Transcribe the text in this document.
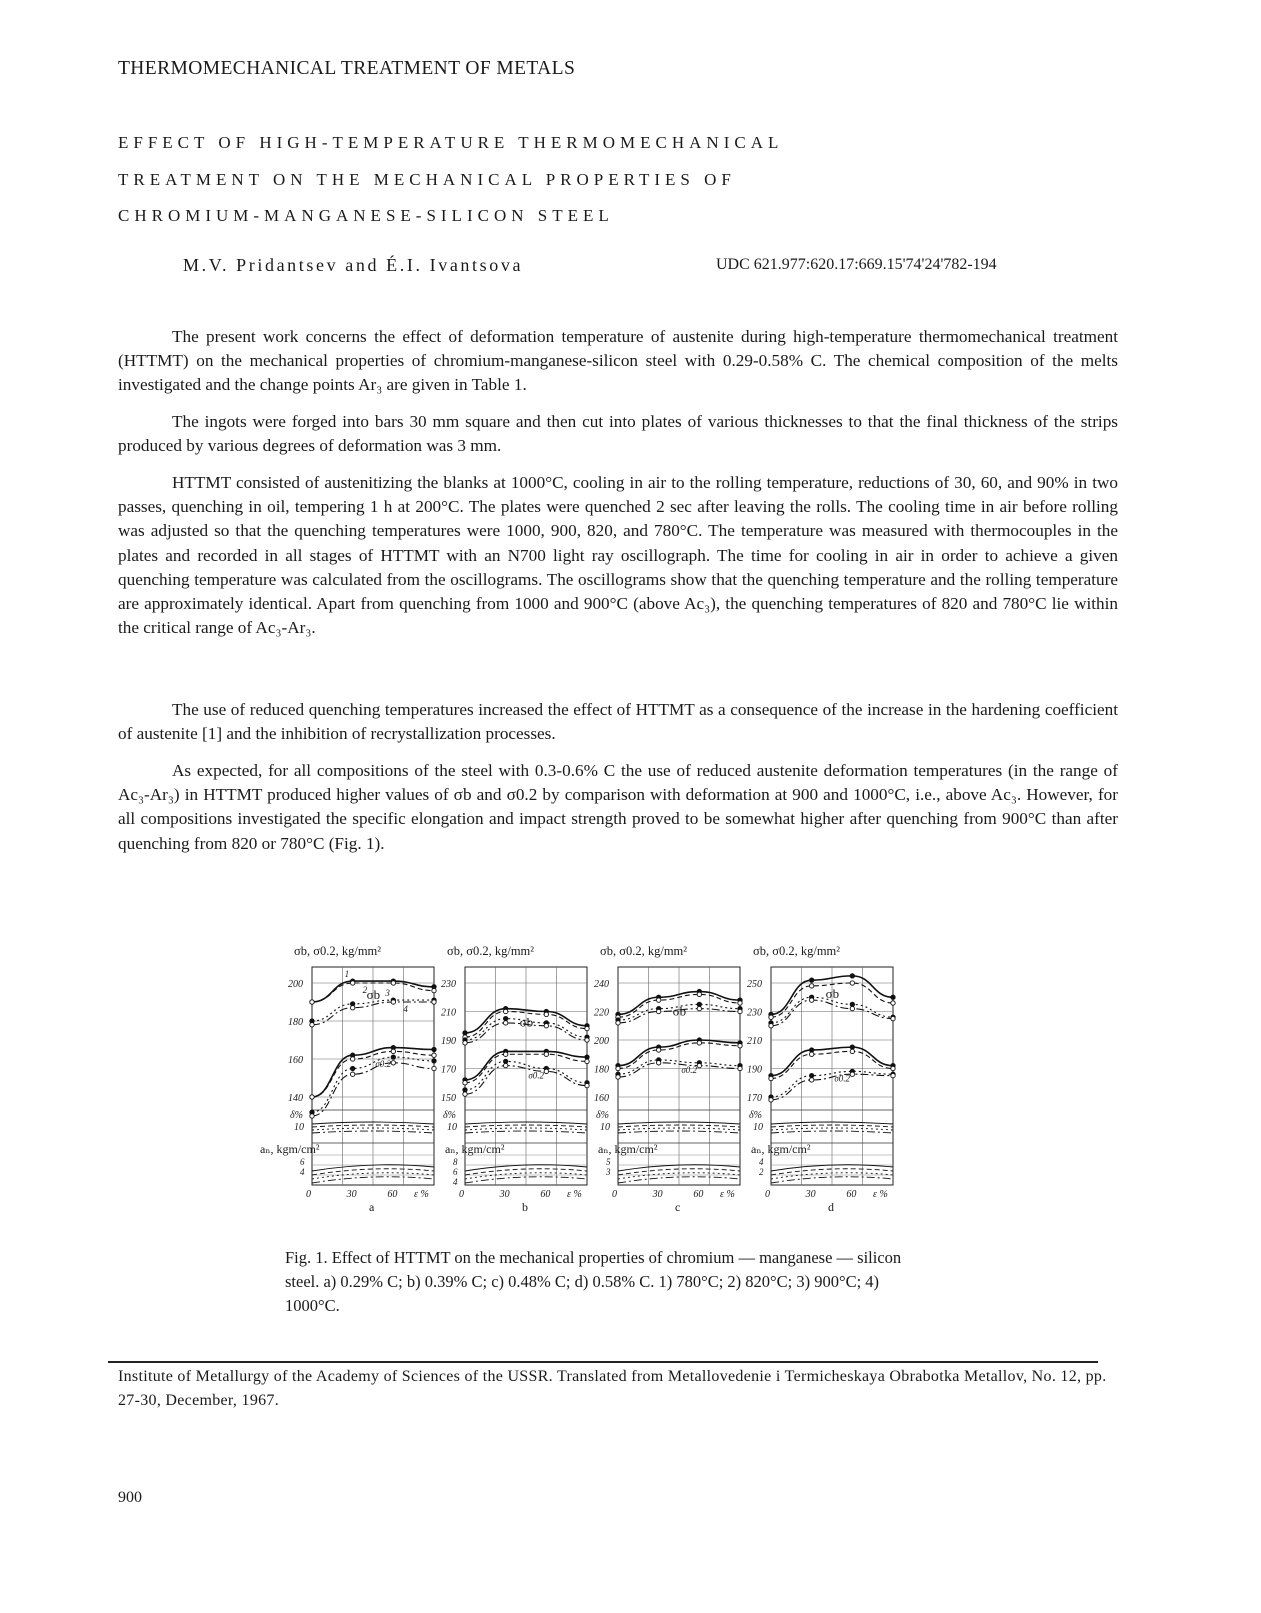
THERMOMECHANICAL TREATMENT OF METALS
EFFECT OF HIGH-TEMPERATURE THERMOMECHANICAL
TREATMENT ON THE MECHANICAL PROPERTIES OF
CHROMIUM-MANGANESE-SILICON STEEL
M.V. Pridantsev and É.I. Ivantsova	UDC 621.977:620.17:669.15'74'24'782-194

The present work concerns the effect of deformation temperature of austenite during high-temperature thermomechanical treatment (HTTMT) on the mechanical properties of chromium-manganese-silicon steel with 0.29-0.58% C. The chemical composition of the melts investigated and the change points Ar₃ are given in Table 1.

The ingots were forged into bars 30 mm square and then cut into plates of various thicknesses to that the final thickness of the strips produced by various degrees of deformation was 3 mm.

HTTMT consisted of austenitizing the blanks at 1000°C, cooling in air to the rolling temperature, reductions of 30, 60, and 90% in two passes, quenching in oil, tempering 1 h at 200°C. The plates were quenched 2 sec after leaving the rolls. The cooling time in air before rolling was adjusted so that the quenching temperatures were 1000, 900, 820, and 780°C. The temperature was measured with thermocouples in the plates and recorded in all stages of HTTMT with an N700 light ray oscillograph. The time for cooling in air in order to achieve a given quenching temperature was calculated from the oscillograms. The oscillograms show that the quenching temperature and the rolling temperature are approximately identical. Apart from quenching from 1000 and 900°C (above Ac₃), the quenching temperatures of 820 and 780°C lie within the critical range of Ac₃-Ar₃.

The use of reduced quenching temperatures increased the effect of HTTMT as a consequence of the increase in the hardening coefficient of austenite [1] and the inhibition of recrystallization processes.

As expected, for all compositions of the steel with 0.3-0.6% C the use of reduced austenite deformation temperatures (in the range of Ac₃-Ar₃) in HTTMT produced higher values of σb and σ0.2 by comparison with deformation at 900 and 1000°C, i.e., above Ac₃. However, for all compositions investigated the specific elongation and impact strength proved to be somewhat higher after quenching from 900°C than after quenching from 820 or 780°C (Fig. 1).

σb, σ0.2, kg/mm²
140
160
180
200
δ%
10
aₙ, kgm/cm²
6
4
0	30	60 ε %
a
σb
σ0.2
1
2 3
4
σb, σ0.2, kg/mm²
150
170
190
210
230
δ%
10
aₙ, kgm/cm²
8
6
4
0	30	60 ε %
b
σb
σ0.2
σb, σ0.2, kg/mm²
160
180
200
220
240
δ%
10
aₙ, kgm/cm²
5
3
0	30	60 ε %
c
σb
σ0.2
σb, σ0.2, kg/mm²
170
190
210
230
250
δ%
10
aₙ, kgm/cm²
4
2
0	30	60 ε %
d
σb
σ0.2
Fig. 1. Effect of HTTMT on the mechanical properties of chromium — manganese — silicon steel. a) 0.29% C; b) 0.39% C; c) 0.48% C; d) 0.58% C. 1) 780°C; 2) 820°C; 3) 900°C; 4) 1000°C.
Institute of Metallurgy of the Academy of Sciences of the USSR. Translated from Metallovedenie i Termicheskaya Obrabotka Metallov, No. 12, pp. 27-30, December, 1967.
900
